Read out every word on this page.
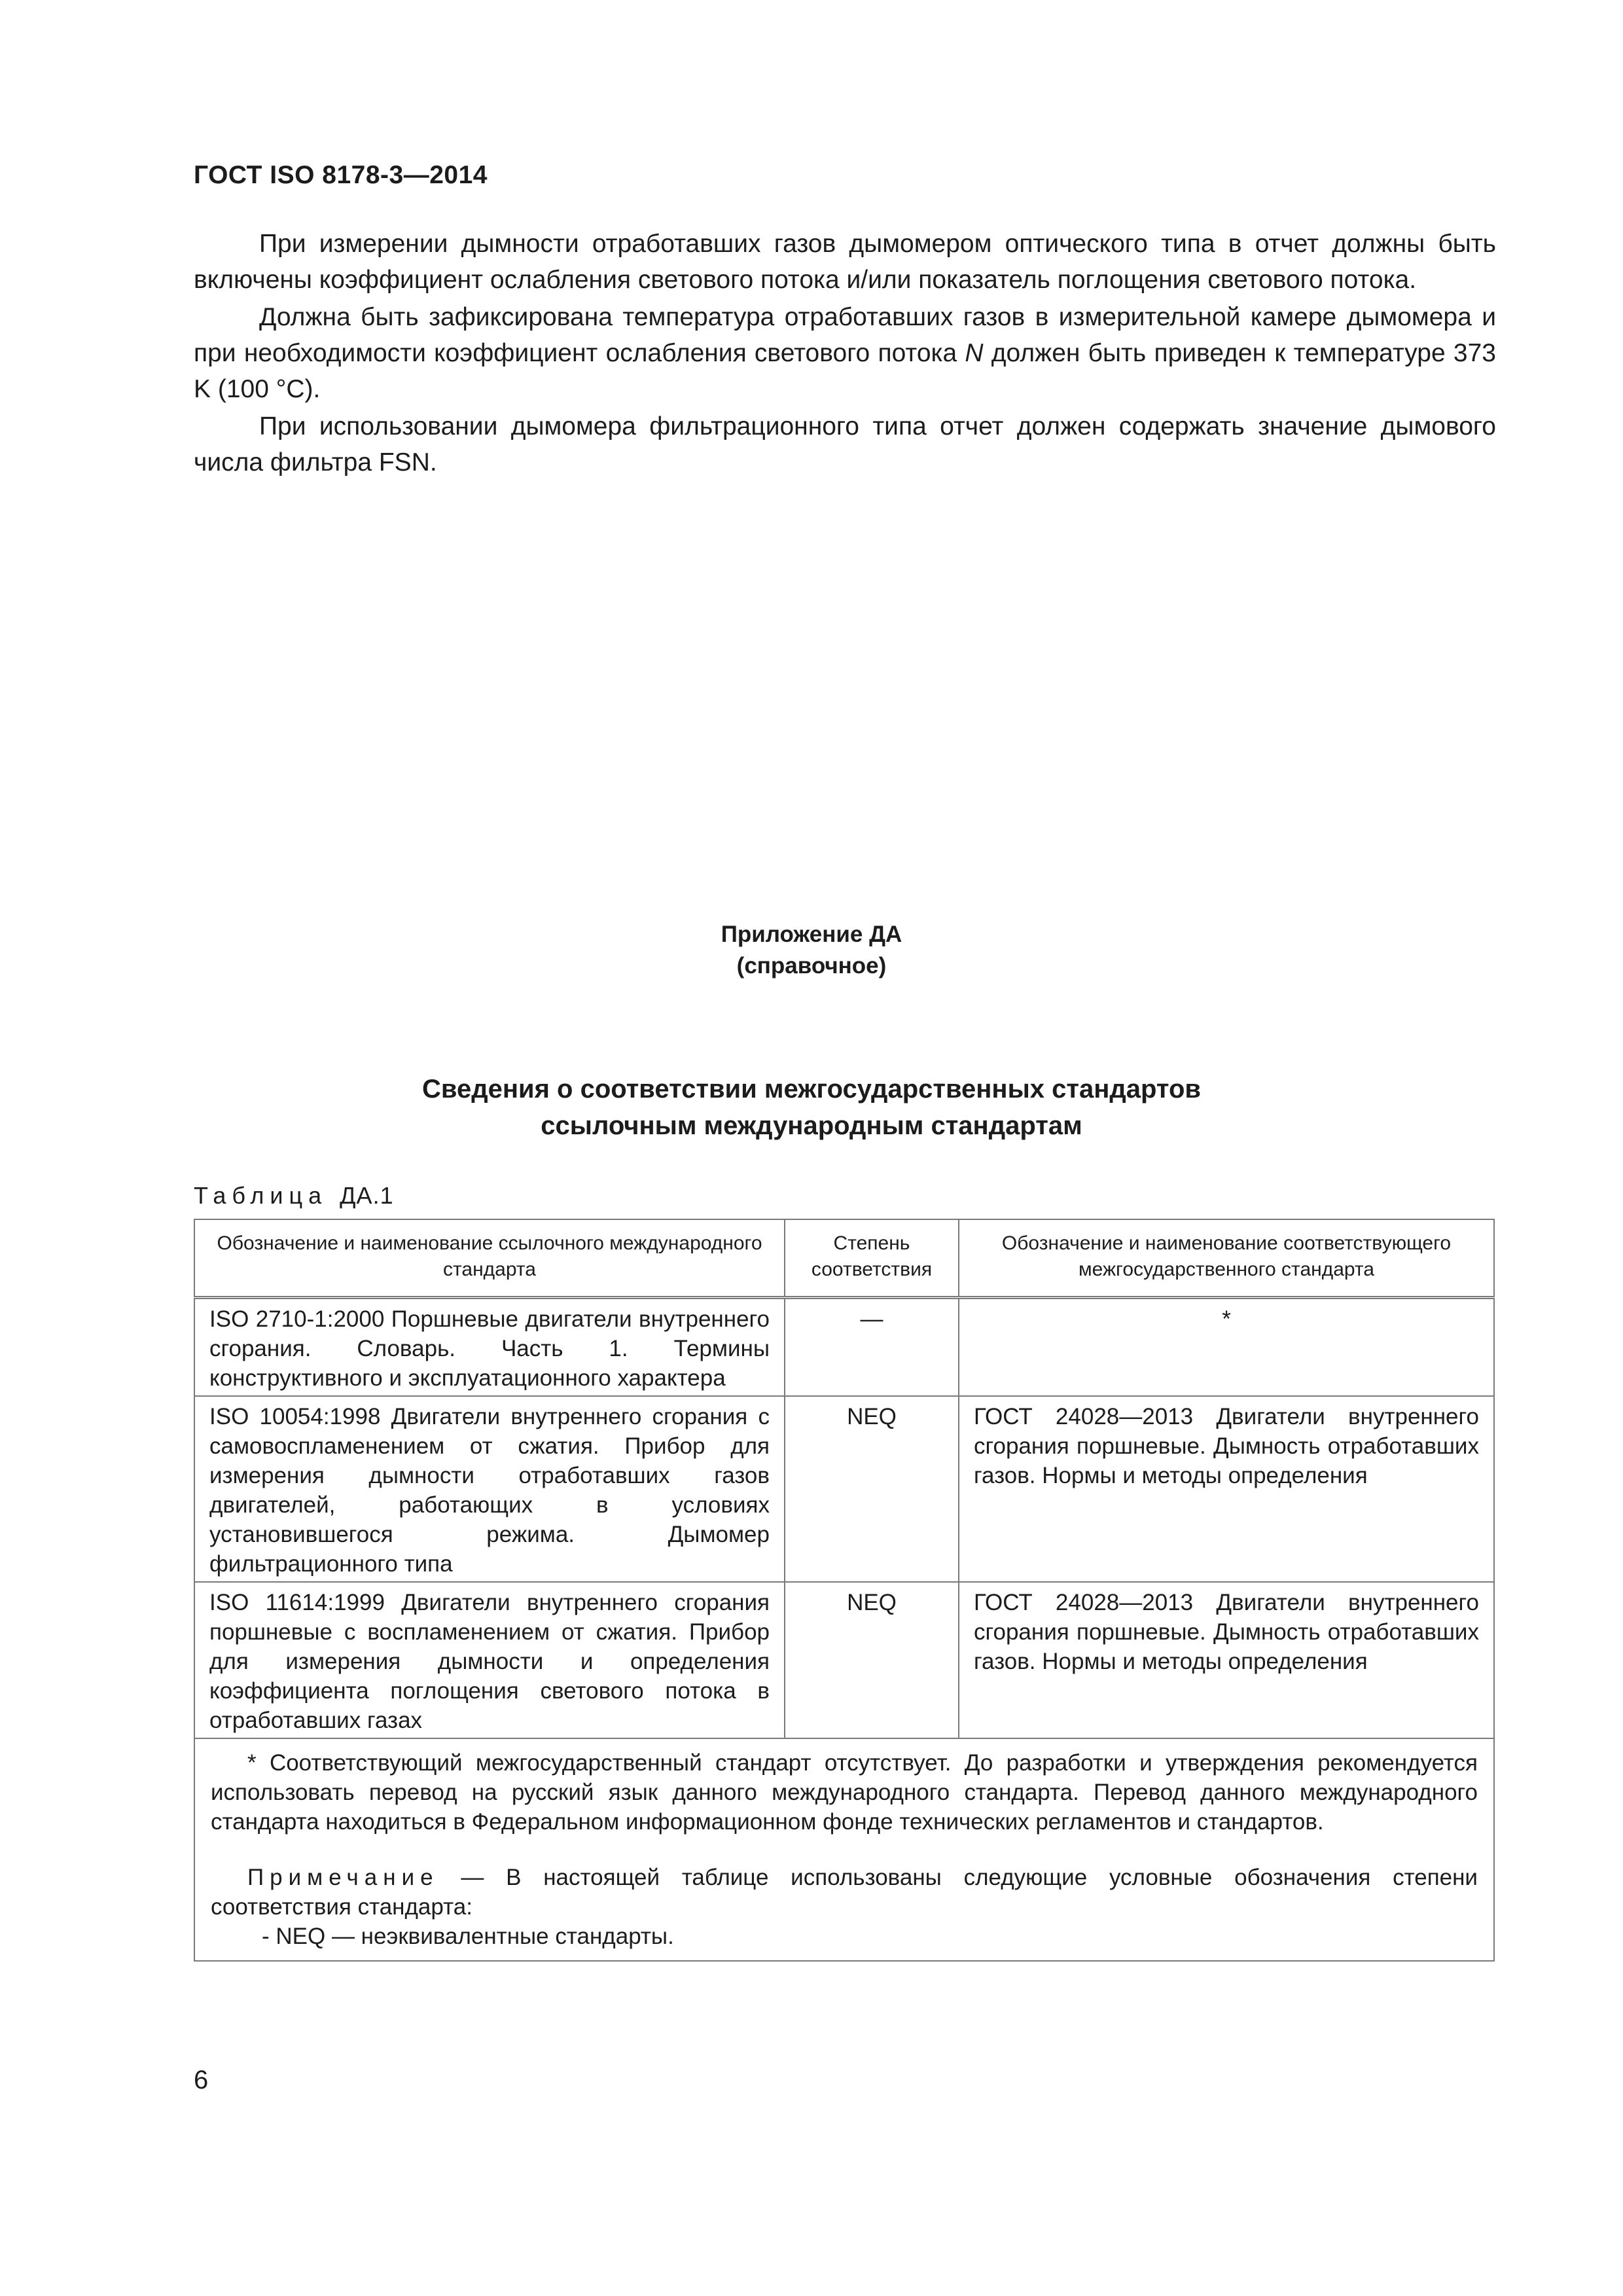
ГОСТ ISO 8178-3—2014

При измерении дымности отработавших газов дымомером оптического типа в отчет должны быть включены коэффициент ослабления светового потока и/или показатель поглощения светового потока.

Должна быть зафиксирована температура отработавших газов в измерительной камере дымомера и при необходимости коэффициент ослабления светового потока N должен быть приведен к температуре 373 K (100 °C).

При использовании дымомера фильтрационного типа отчет должен содержать значение дымового числа фильтра FSN.

Приложение ДА
(справочное)
Сведения о соответствии межгосударственных стандартов
ссылочным международным стандартам
Таблица ДА.1
Обозначение и наименование ссылочного международного стандарта	Степень соответствия	Обозначение и наименование соответствующего межгосударственного стандарта
ISO 2710-1:2000 Поршневые двигатели внутреннего сгорания. Словарь. Часть 1. Термины конструктивного и эксплуатационного характера	—	*
ISO 10054:1998 Двигатели внутреннего сгорания с самовоспламенением от сжатия. Прибор для измерения дымности отработавших газов двигателей, работающих в условиях установившегося режима. Дымомер фильтрационного типа	NEQ	ГОСТ 24028—2013 Двигатели внутреннего сгорания поршневые. Дымность отработавших газов. Нормы и методы определения
ISO 11614:1999 Двигатели внутреннего сгорания поршневые с воспламенением от сжатия. Прибор для измерения дымности и определения коэффициента поглощения светового потока в отработавших газах	NEQ	ГОСТ 24028—2013 Двигатели внутреннего сгорания поршневые. Дымность отработавших газов. Нормы и методы определения

* Соответствующий межгосударственный стандарт отсутствует. До разработки и утверждения рекомендуется использовать перевод на русский язык данного международного стандарта. Перевод данного международного стандарта находиться в Федеральном информационном фонде технических регламентов и стандартов.

Примечание — В настоящей таблице использованы следующие условные обозначения степени соответствия стандарта:

- NEQ — неэквивалентные стандарты.		

6
